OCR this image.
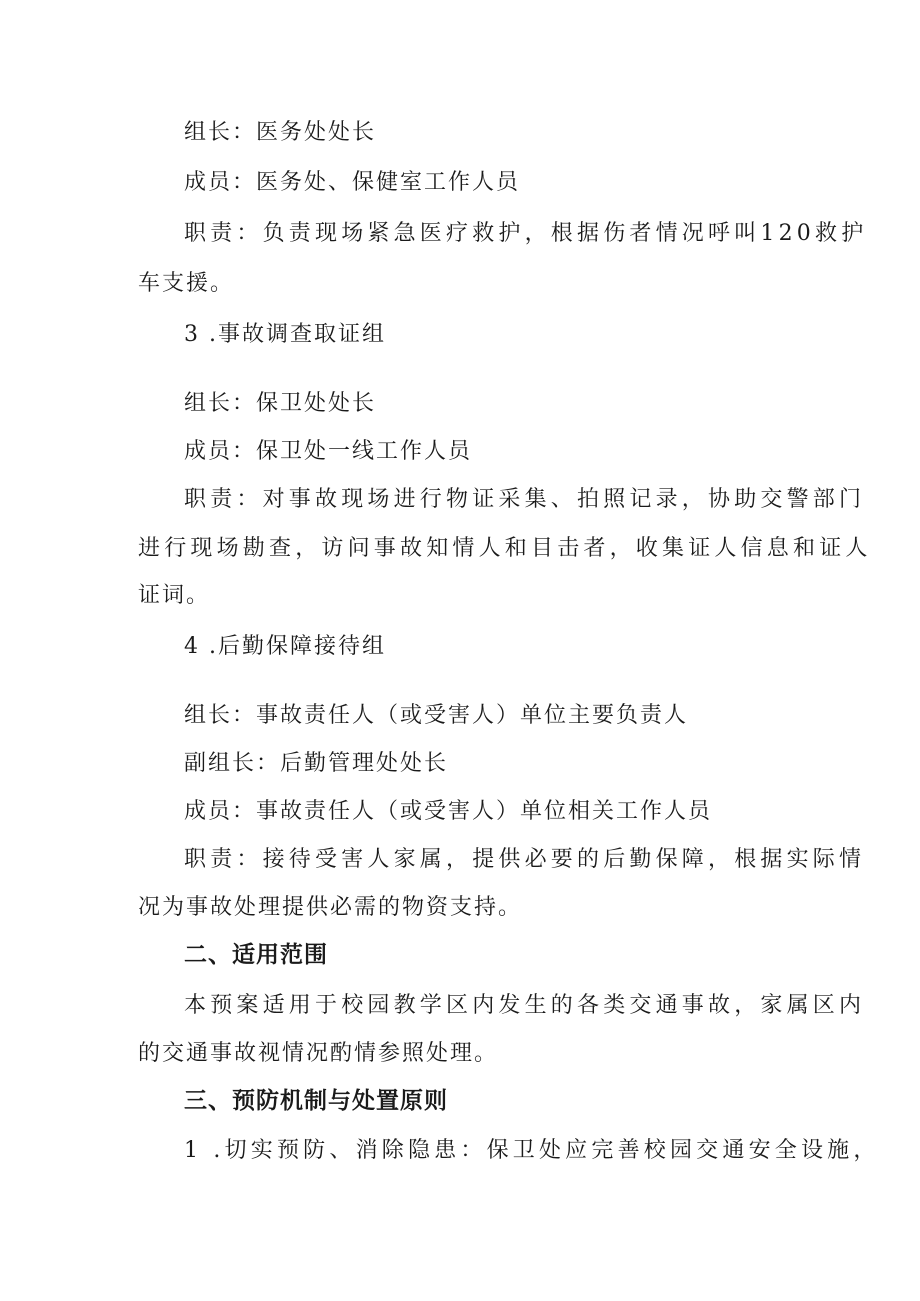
组长：医务处处长
成员：医务处、保健室工作人员
职责：负责现场紧急医疗救护，根据伤者情况呼叫120救护
车支援。
3 .事故调查取证组
组长：保卫处处长
成员：保卫处一线工作人员
职责：对事故现场进行物证采集、拍照记录，协助交警部门
进行现场勘查，访问事故知情人和目击者，收集证人信息和证人
证词。
4 .后勤保障接待组
组长：事故责任人（或受害人）单位主要负责人
副组长：后勤管理处处长
成员：事故责任人（或受害人）单位相关工作人员
职责：接待受害人家属，提供必要的后勤保障，根据实际情
况为事故处理提供必需的物资支持。
二、适用范围
本预案适用于校园教学区内发生的各类交通事故，家属区内
的交通事故视情况酌情参照处理。
三、预防机制与处置原则
1 .切实预防、消除隐患：保卫处应完善校园交通安全设施，
